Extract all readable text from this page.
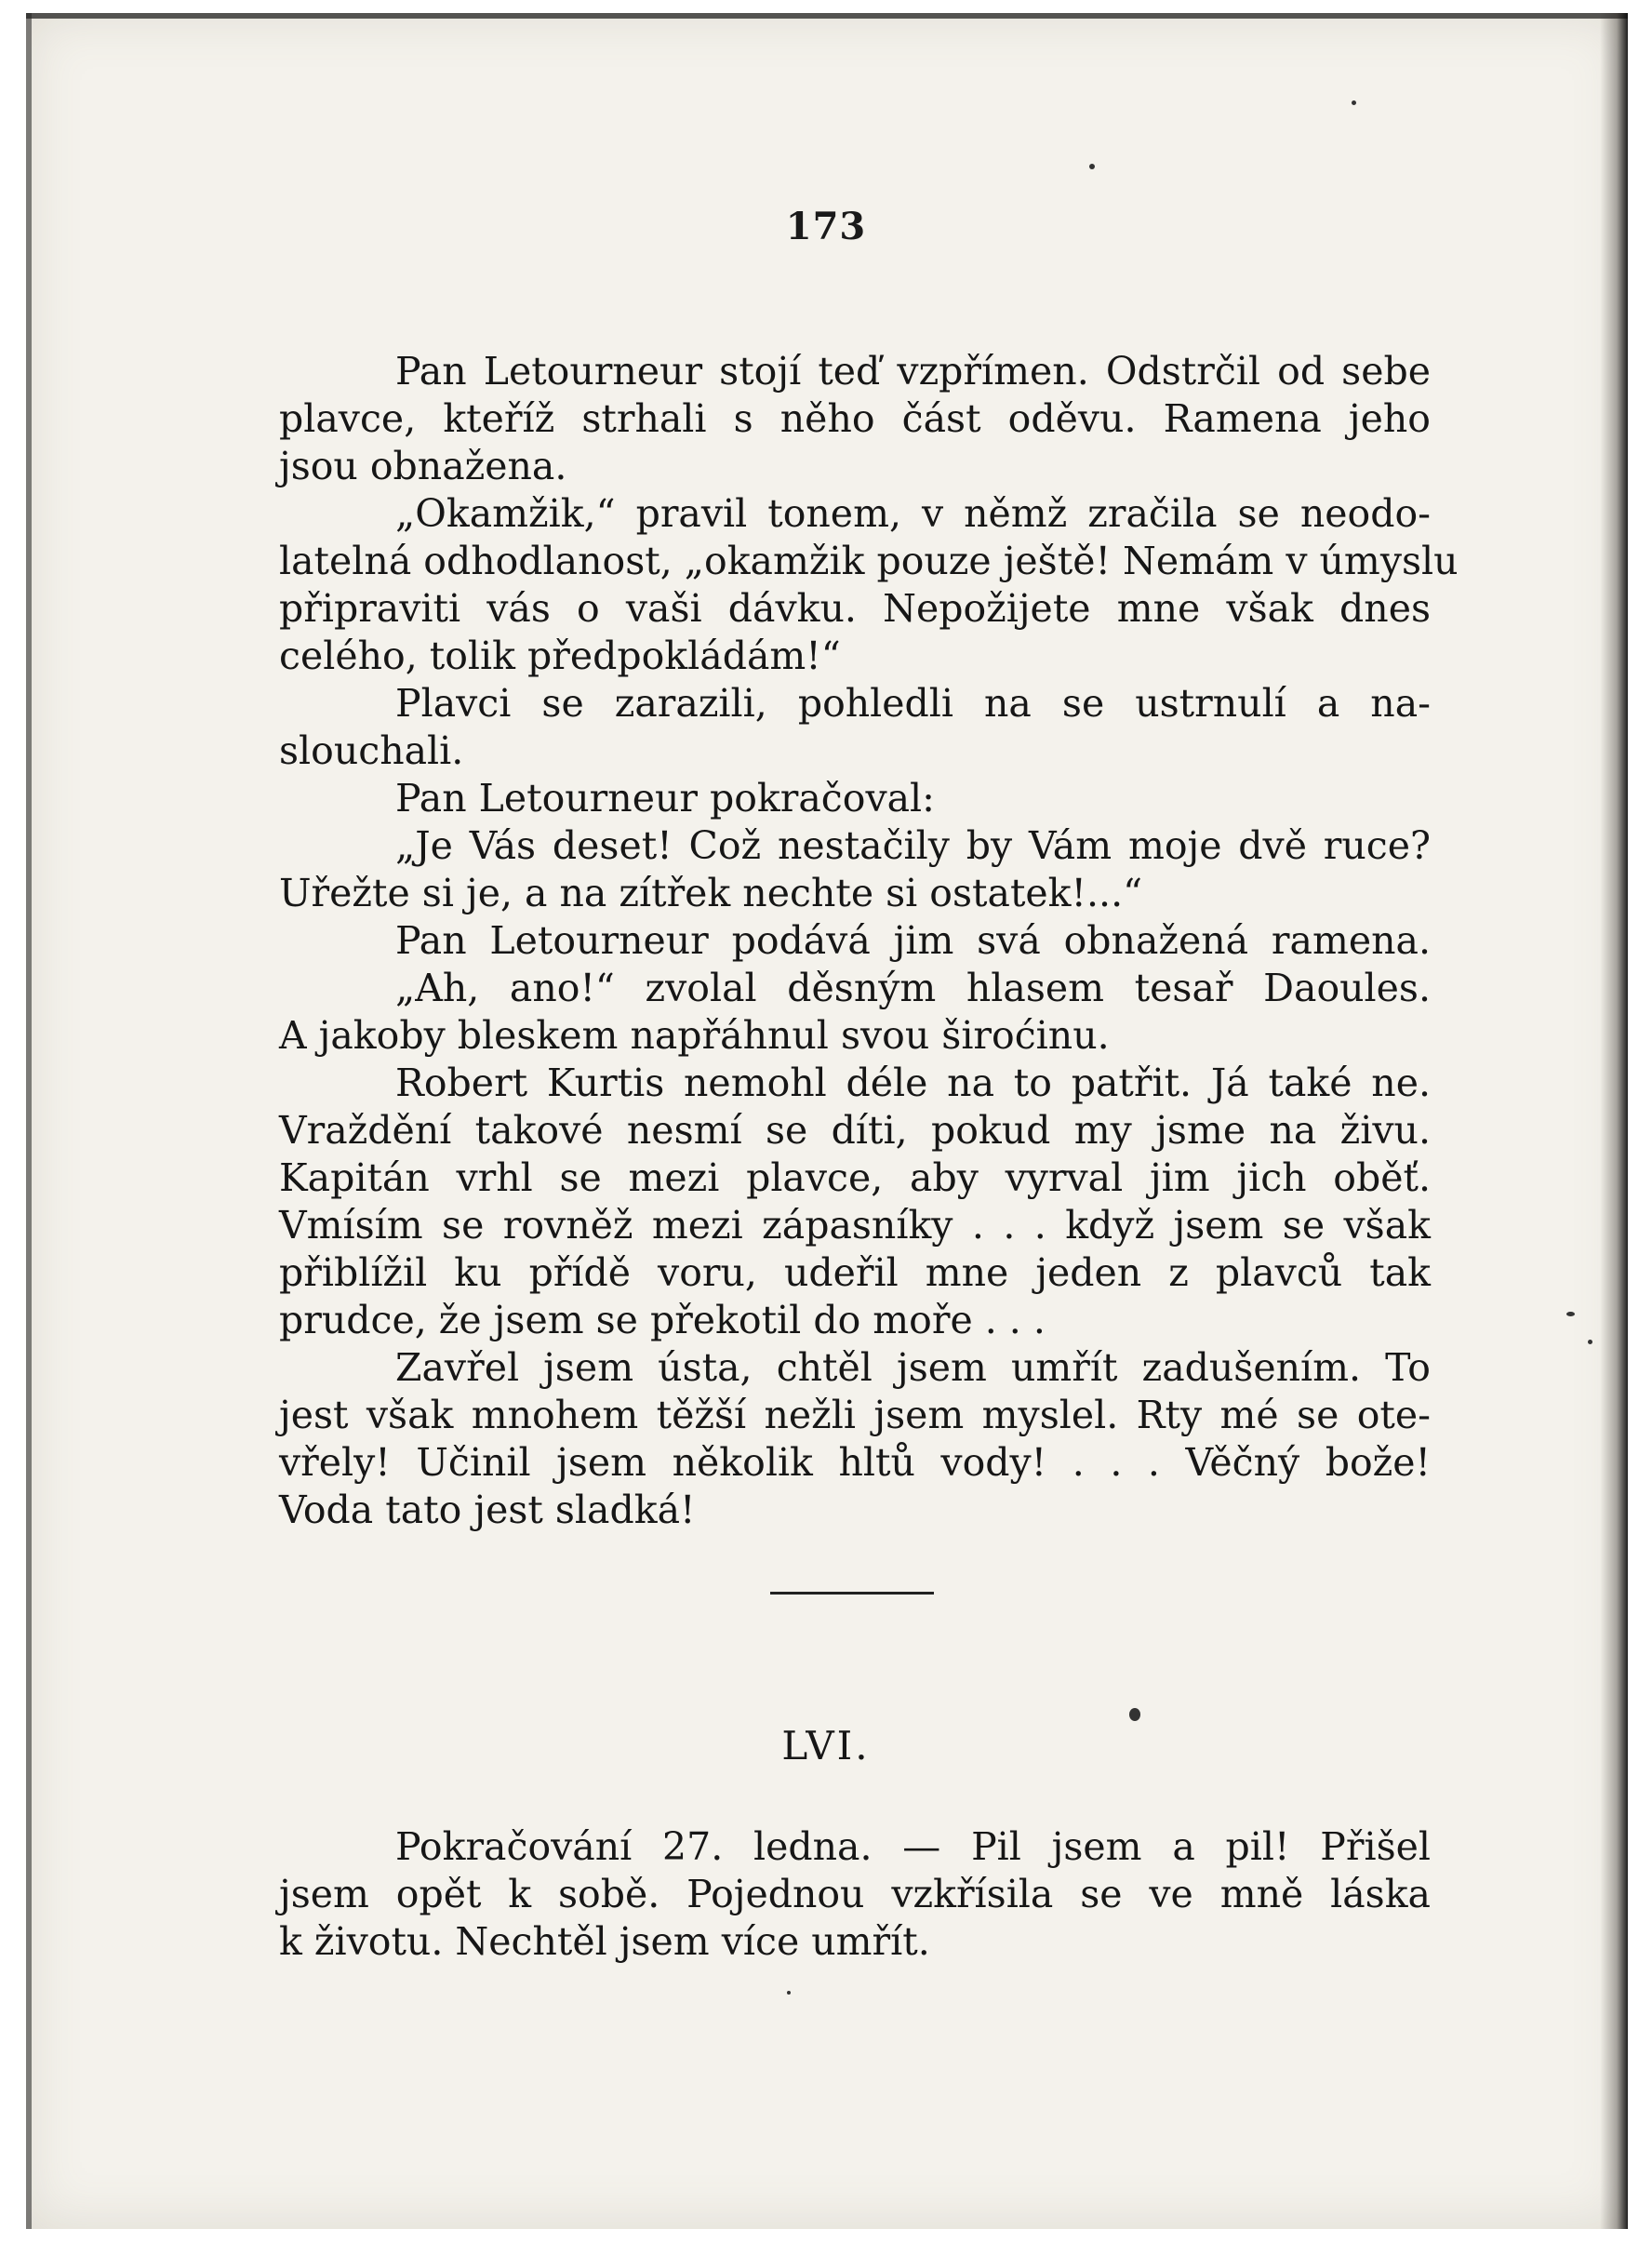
173
Pan Letourneur stojí teď vzpřímen. Odstrčil od sebe
plavce, kteříž strhali s něho část oděvu. Ramena jeho
jsou obnažena.
„Okamžik,“ pravil tonem, v němž zračila se neodo-
latelná odhodlanost, „okamžik pouze ještě! Nemám v úmyslu
připraviti vás o vaši dávku. Nepožijete mne však dnes
celého, tolik předpokládám!“
Plavci se zarazili, pohledli na se ustrnulí a na-
slouchali.
Pan Letourneur pokračoval:
„Je Vás deset! Což nestačily by Vám moje dvě ruce?
Uřežte si je, a na zítřek nechte si ostatek!...“
Pan Letourneur podává jim svá obnažená ramena.
„Ah, ano!“ zvolal děsným hlasem tesař Daoules.
A jakoby bleskem napřáhnul svou široćinu.
Robert Kurtis nemohl déle na to patřit. Já také ne.
Vraždění takové nesmí se díti, pokud my jsme na živu.
Kapitán vrhl se mezi plavce, aby vyrval jim jich oběť.
Vmísím se rovněž mezi zápasníky . . . když jsem se však
přiblížil ku přídě voru, udeřil mne jeden z plavců tak
prudce, že jsem se překotil do moře . . .
Zavřel jsem ústa, chtěl jsem umřít zadušením. To
jest však mnohem těžší nežli jsem myslel. Rty mé se ote-
vřely! Učinil jsem několik hltů vody! . . . Věčný bože!
Voda tato jest sladká!
LVI.
Pokračování 27. ledna. — Pil jsem a pil! Přišel
jsem opět k sobě. Pojednou vzkřísila se ve mně láska
k životu. Nechtěl jsem více umřít.
